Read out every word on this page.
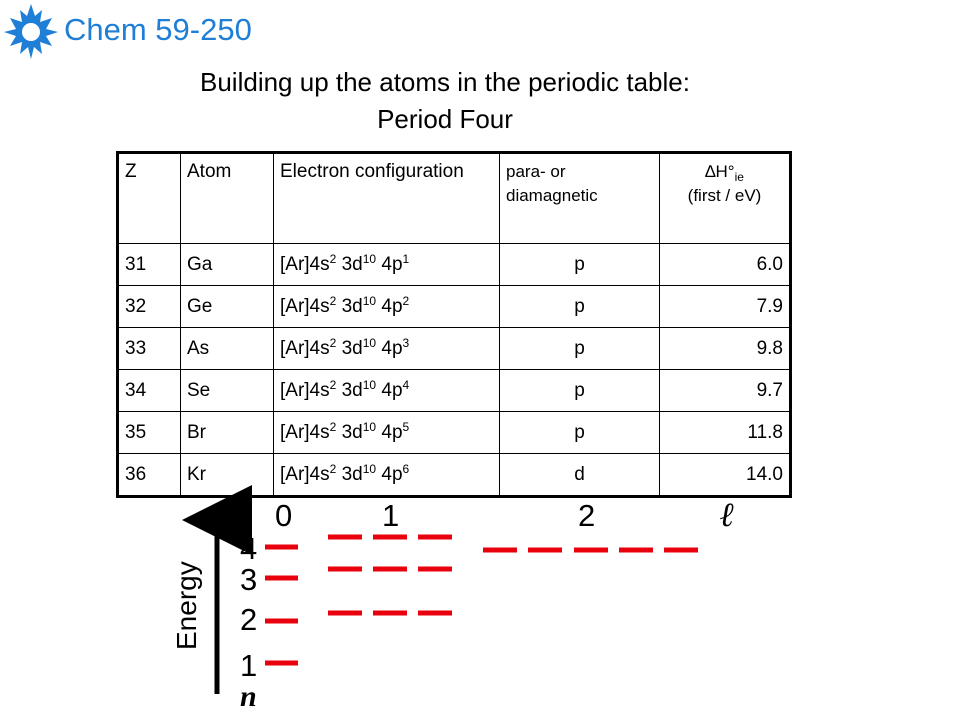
Chem 59-250
Building up the atoms in the periodic table:
Period Four
Z	Atom	Electron configuration	para- or diamagnetic	$\Delta H^\circ_{ie}$
(first / eV)

31	Ga	$[Ar]4s^2$ $3d^{10}$ $4p^1$	p	6.0
32	Ge	$[Ar]4s^2$ $3d^{10}$ $4p^2$	p	7.9
33	As	$[Ar]4s^2$ $3d^{10}$ $4p^3$	p	9.8
34	Se	$[Ar]4s^2$ $3d^{10}$ $4p^4$	p	9.7
35	Br	$[Ar]4s^2$ $3d^{10}$ $4p^5$	p	11.8
36	Kr	$[Ar]4s^2$ $3d^{10}$ $4p^6$	d	14.0
0	1	2	ℓ
4
3
2
1
n
Energy
